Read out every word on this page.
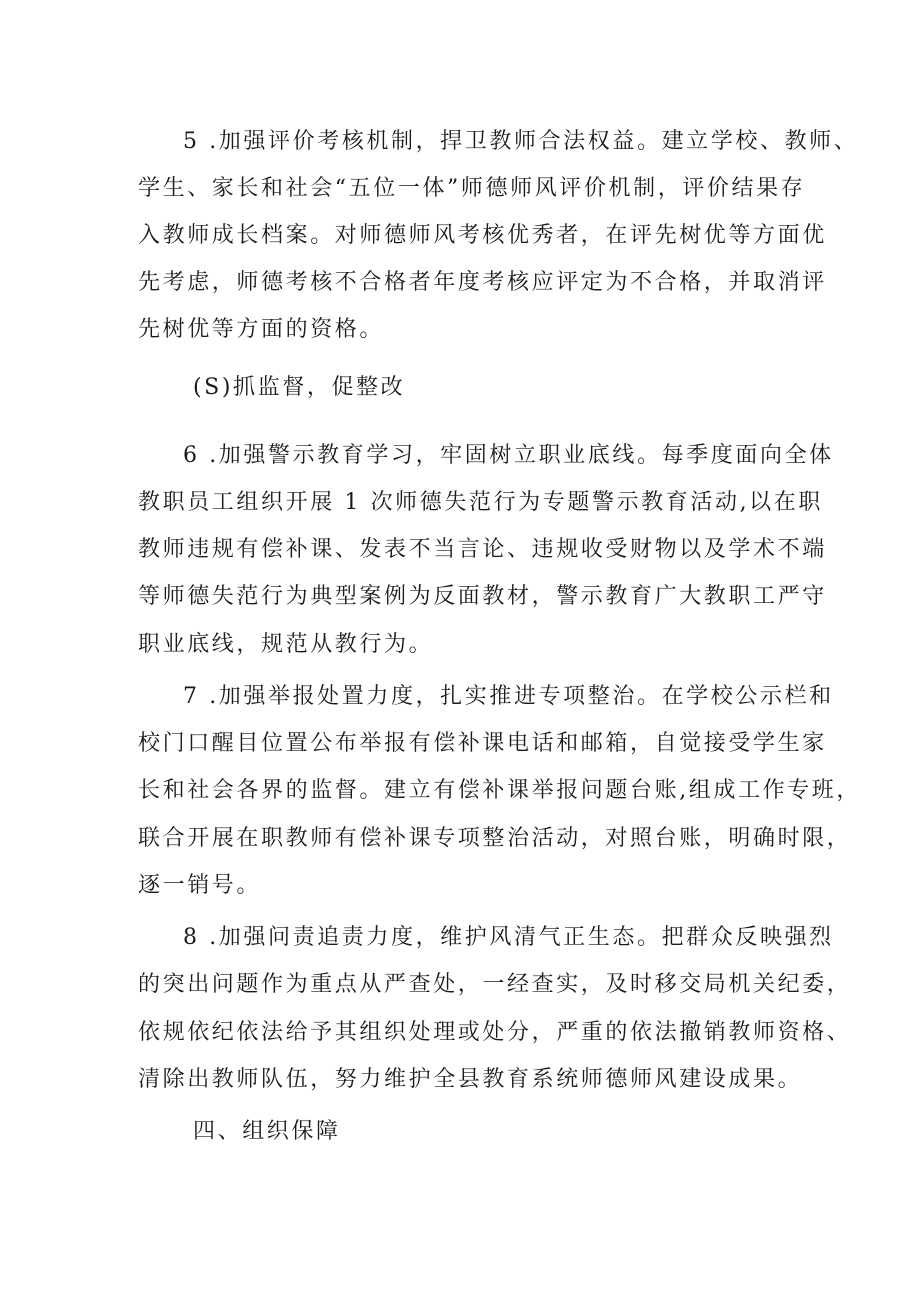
5 .加强评价考核机制，捍卫教师合法权益。建立学校、教师、
学生、家长和社会“五位一体”师德师风评价机制，评价结果存
入教师成长档案。对师德师风考核优秀者，在评先树优等方面优
先考虑，师德考核不合格者年度考核应评定为不合格，并取消评
先树优等方面的资格。
(S)抓监督，促整改
6 .加强警示教育学习，牢固树立职业底线。每季度面向全体
教职员工组织开展 1 次师德失范行为专题警示教育活动,以在职
教师违规有偿补课、发表不当言论、违规收受财物以及学术不端
等师德失范行为典型案例为反面教材，警示教育广大教职工严守
职业底线，规范从教行为。
7 .加强举报处置力度，扎实推进专项整治。在学校公示栏和
校门口醒目位置公布举报有偿补课电话和邮箱，自觉接受学生家
长和社会各界的监督。建立有偿补课举报问题台账,组成工作专班，
联合开展在职教师有偿补课专项整治活动，对照台账，明确时限，
逐一销号。
8 .加强问责追责力度，维护风清气正生态。把群众反映强烈
的突出问题作为重点从严查处，一经查实，及时移交局机关纪委，
依规依纪依法给予其组织处理或处分，严重的依法撤销教师资格、
清除出教师队伍，努力维护全县教育系统师德师风建设成果。
四、组织保障
